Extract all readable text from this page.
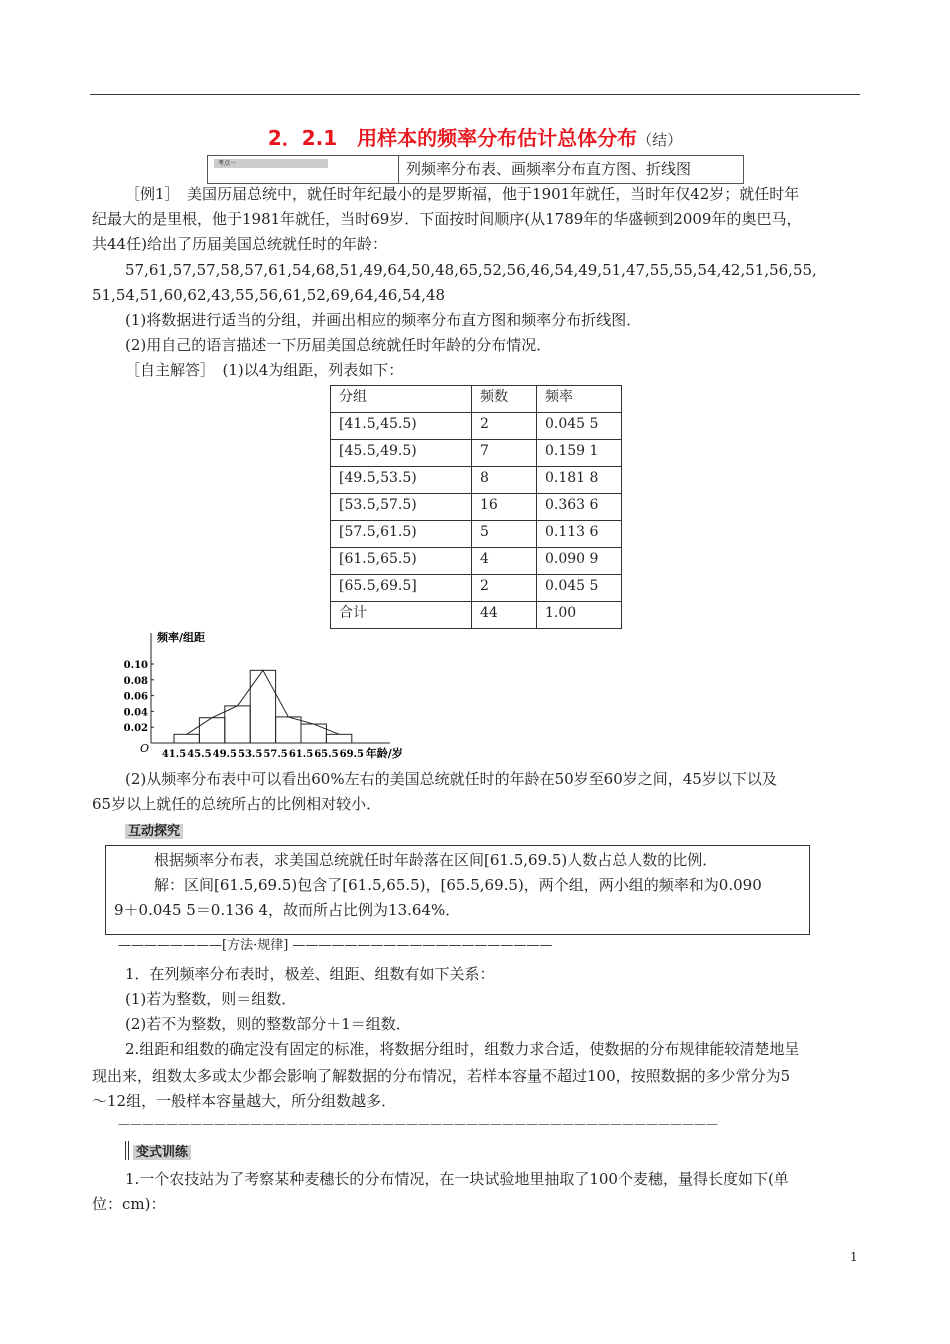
2．2.1　用样本的频率分布估计总体分布（结）
考点一	列频率分布表、画频率分布直方图、折线图
［例1］　美国历届总统中，就任时年纪最小的是罗斯福，他于1901年就任，当时年仅42岁；就任时年
纪最大的是里根，他于1981年就任，当时69岁．下面按时间顺序(从1789年的华盛顿到2009年的奥巴马，
共44任)给出了历届美国总统就任时的年龄：
57,61,57,57,58,57,61,54,68,51,49,64,50,48,65,52,56,46,54,49,51,47,55,55,54,42,51,56,55,
51,54,51,60,62,43,55,56,61,52,69,64,46,54,48
(1)将数据进行适当的分组，并画出相应的频率分布直方图和频率分布折线图．
(2)用自己的语言描述一下历届美国总统就任时年龄的分布情况．
［自主解答］　(1)以4为组距，列表如下：
分组	频数	频率
[41.5,45.5)	2	0.045 5
[45.5,49.5)	7	0.159 1
[49.5,53.5)	8	0.181 8
[53.5,57.5)	16	0.363 6
[57.5,61.5)	5	0.113 6
[61.5,65.5)	4	0.090 9
[65.5,69.5]	2	0.045 5
合计	44	1.00
频率/组距
O
0.02
0.04
0.06
0.08
0.10
41.5 45.5 49.5 53.5 57.5 61.5 65.5 69.5 年龄/岁
(2)从频率分布表中可以看出60%左右的美国总统就任时的年龄在50岁至60岁之间，45岁以下以及
65岁以上就任的总统所占的比例相对较小．
互动探究
根据频率分布表，求美国总统就任时年龄落在区间[61.5,69.5)人数占总人数的比例．
解：区间[61.5,69.5)包含了[61.5,65.5)，[65.5,69.5)，两个组，两小组的频率和为0.090
9＋0.045 5＝0.136 4，故而所占比例为13.64%．
————————[方法·规律] ————————————————————
1．在列频率分布表时，极差、组距、组数有如下关系：
(1)若为整数，则＝组数．
(2)若不为整数，则的整数部分＋1＝组数．
2.组距和组数的确定没有固定的标准，将数据分组时，组数力求合适，使数据的分布规律能较清楚地呈
现出来，组数太多或太少都会影响了解数据的分布情况，若样本容量不超过100，按照数据的多少常分为5
～12组，一般样本容量越大，所分组数越多．
——————————————————————————————————————————————————
变式训练
1.一个农技站为了考察某种麦穗长的分布情况，在一块试验地里抽取了100个麦穗，量得长度如下(单
位：cm)：
1
